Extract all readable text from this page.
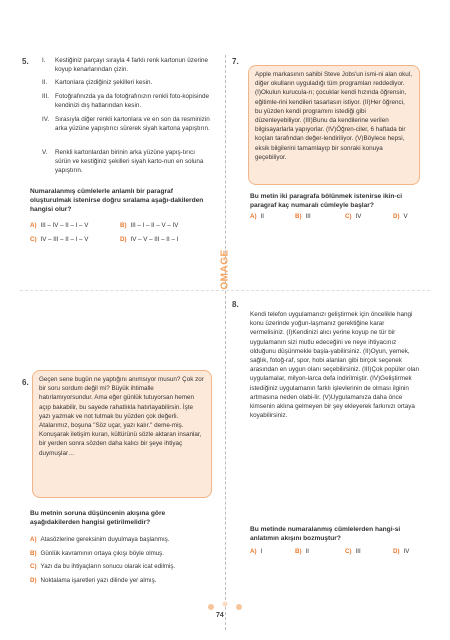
5. I. Kestiğiniz parçayı sırayla 4 farklı renk kartonun üzerine koyup kenarlarından çizin.
II. Kartonlara çizdiğiniz şekilleri kesin.
III. Fotoğrafınızda ya da fotoğrafınızın renkli foto-kopisinde kendinizi dış hatlarından kesin.
IV. Sırasıyla diğer renkli kartonlara ve en son da resminizin arka yüzüne yapıştırıcı sürerek siyah kartona yapıştırın.
V. Renkli kartonlardan birinin arka yüzüne yapış-tırıcı sürün ve kestiğiniz şekilleri siyah karto-nun en soluna yapıştırın.
Numaralanmış cümlelerle anlamlı bir paragraf oluşturulmak istenirse doğru sıralama aşağı-dakilerden hangisi olur?
A) III – IV – II – I – V	B) III – I – II – V – IV
C) IV – III – II – I – V	D) IV – V – III – II – I
7.
Apple markasının sahibi Steve Jobs'un ismi-ni alan okul, diğer okulların uyguladığı tüm programları reddediyor. (I)Okulun kurucula-rı; çocuklar kendi hızında öğrensin, eğitimle-rini kendileri tasarlasın istiyor. (II)Her öğrenci, bu yüzden kendi programını istediği gibi düzenleyebiliyor. (III)Bunu da kendilerine verilen bilgisayarlarla yapıyorlar. (IV)Öğren-ciler, 6 haftada bir koçları tarafından değer-lendiriliyor. (V)Böylece hepsi, eksik bilgilerini tamamlayıp bir sonraki konuya geçebiliyor.
Bu metin iki paragrafa bölünmek istenirse ikin-ci paragraf kaç numaralı cümleyle başlar?
A) II	B) III	C) IV	D) V
OMAGE
6.	Geçen sene bugün ne yaptığını anımsıyor musun? Çok zor bir soru sordum değil mi? Büyük ihtimalle hatırlamıyorsundur. Ama eğer günlük tutuyorsan hemen açıp bakabilir, bu sayede rahatlıkla hatırlayabilirsin. İşte yazı yazmak ve not tutmak bu yüzden çok değerli. Atalarımız, boşuna "Söz uçar, yazı kalır." deme-miş. Konuşarak iletişim kuran, kültürünü sözle aktaran insanlar, bir yerden sonra sözden daha kalıcı bir şeye ihtiyaç duymuşlar…
Bu metnin soruna düşüncenin akışına göre aşağıdakilerden hangisi getirilmelidir?
A) Atasözlerine gereksinim duyulmaya başlanmış.
B) Günlük kavramının ortaya çıkışı böyle olmuş.
C) Yazı da bu ihtiyaçların sonucu olarak icat edilmiş.
D) Noktalama işaretleri yazı dilinde yer almış.
8.
Kendi telefon uygulamanızı geliştirmek için öncelikle hangi konu üzerinde yoğun-laşmanız gerektiğine karar vermelisiniz. (I)Kendinizi alıcı yerine koyup ne tür bir uygulamanın sizi mutlu edeceğini ve neye ihtiyacınız olduğunu düşünmekle başla-yabilirsiniz. (II)Oyun, yemek, sağlık, fotoğ-raf, spor, hobi alanları gibi birçok seçenek arasından en uygun olanı seçebilirsiniz. (III)Çok popüler olan uygulamalar, milyon-larca defa indirilmiştir. (IV)Geliştirmek istediğiniz uygulamanın farklı işlevlerinin de olması ilginin artmasına neden olabi-lir. (V)Uygulamanıza daha önce kimsenin aklına gelmeyen bir şey ekleyerek farkınızı ortaya koyabilirsiniz.
Bu metinde numaralanmış cümlelerden hangi-si anlatımın akışını bozmuştur?
A) I	B) II	C) III	D) IV
74
